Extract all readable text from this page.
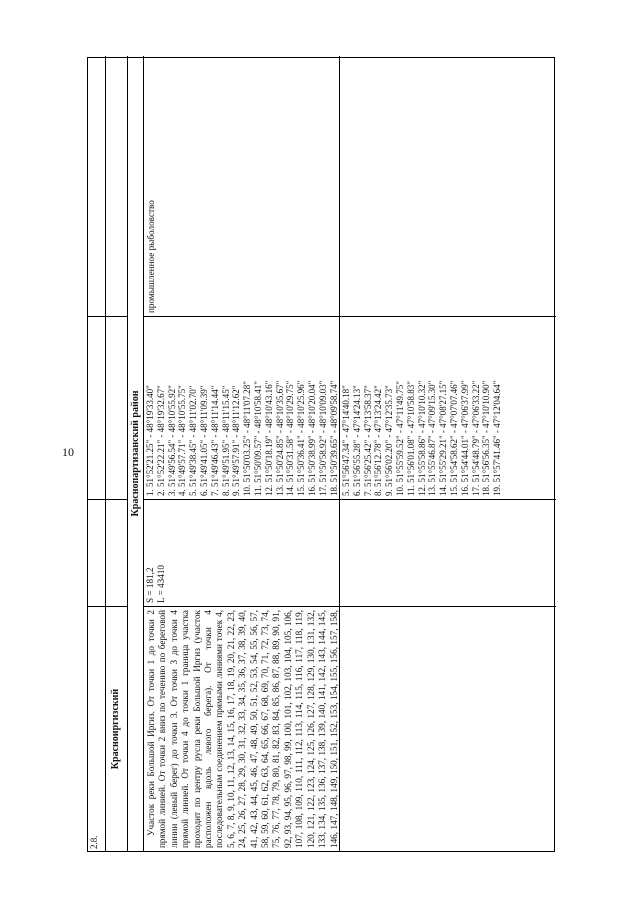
10
2.8.
Красноиргизский
Краснопартизанский район
Участок реки Большой Иргиз. От точки 1 до точки 2 прямой линией. От точки 2 вниз по течению по береговой линии (левый берег) до точки 3. От точки 3 до точки 4 прямой линией. От точки 4 до точки 1 граница участка проходит по центру русла реки Большой Иргиз (участок расположен вдоль левого берега). От точки 4 последовательным соединением прямыми линиями точек 4, 5, 6, 7, 8, 9, 10, 11, 12, 13, 14, 15, 16, 17, 18, 19, 20, 21, 22, 23, 24, 25, 26, 27, 28, 29, 30, 31, 32, 33, 34, 35, 36, 37, 38, 39, 40, 41, 42, 43, 44, 45, 46, 47, 48, 49, 50, 51, 52, 53, 54, 55, 56, 57, 58, 59, 60, 61, 62, 63, 64, 65, 66, 67, 68, 69, 70, 71, 72, 73, 74, 75, 76, 77, 78, 79, 80, 81, 82, 83, 84, 85, 86, 87, 88, 89, 90, 91, 92, 93, 94, 95, 96, 97, 98, 99, 100, 101, 102, 103, 104, 105, 106, 107, 108, 109, 110, 111, 112, 113, 114, 115, 116, 117, 118, 119, 120, 121, 122, 123, 124, 125, 126, 127, 128, 129, 130, 131, 132, 133, 134, 135, 136, 137, 138, 139, 140, 141, 142, 143, 144, 145, 146, 147, 148, 149, 150, 151, 152, 153, 154, 155, 156, 157, 158,
S = 181,2 L = 43410
1. 51°52'21.25" - 48°19'33.40" 2. 51°52'22.21" - 48°19'32.67" 3. 51°49'56.54" - 48°10'55.92" 4. 51°49'57.71" - 48°10'55.75" 5. 51°49'38.45" - 48°11'02.70" 6. 51°49'41.05" - 48°11'09.39" 7. 51°49'46.43" - 48°11'14.44" 8. 51°49'51.95" - 48°11'15.45" 9. 51°49'57.91" - 48°11'12.62" 10. 51°50'03.25" - 48°11'07.28" 11. 51°50'09.57" - 48°10'58.41" 12. 51°50'18.19" - 48°10'43.16" 13. 51°50'24.85" - 48°10'35.67" 14. 51°50'31.58" - 48°10'29.75" 15. 51°50'36.41" - 48°10'25.96" 16. 51°50'38.99" - 48°10'20.04" 17. 51°50'58.92" - 48°10'09.03" 18. 51°50'39.65" - 48°09'58.74"
промышленное рыболовство
5. 51°56'47.34" - 47°14'40.18" 6. 51°56'55.28" - 47°14'24.13" 7. 51°56'25.42" - 47°13'58.37" 8. 51°56'12.78" - 47°13'24.42" 9. 51°56'02.20" - 47°12'35.73" 10. 51°55'59.52" - 47°11'49.75" 11. 51°56'01.08" - 47°10'58.83" 12. 51°55'58.86" - 47°10'10.32" 13. 51°55'46.87" - 47°09'15.30" 14. 51°55'29.21" - 47°08'27.15" 15. 51°54'58.62" - 47°07'07.46" 16. 51°54'44.01" - 47°06'37.99" 17. 51°54'48.79" - 47°06'33.22" 18. 51°56'56.35" - 47°10'10.90" 19. 51°57'41.46" - 47°12'04.64"
